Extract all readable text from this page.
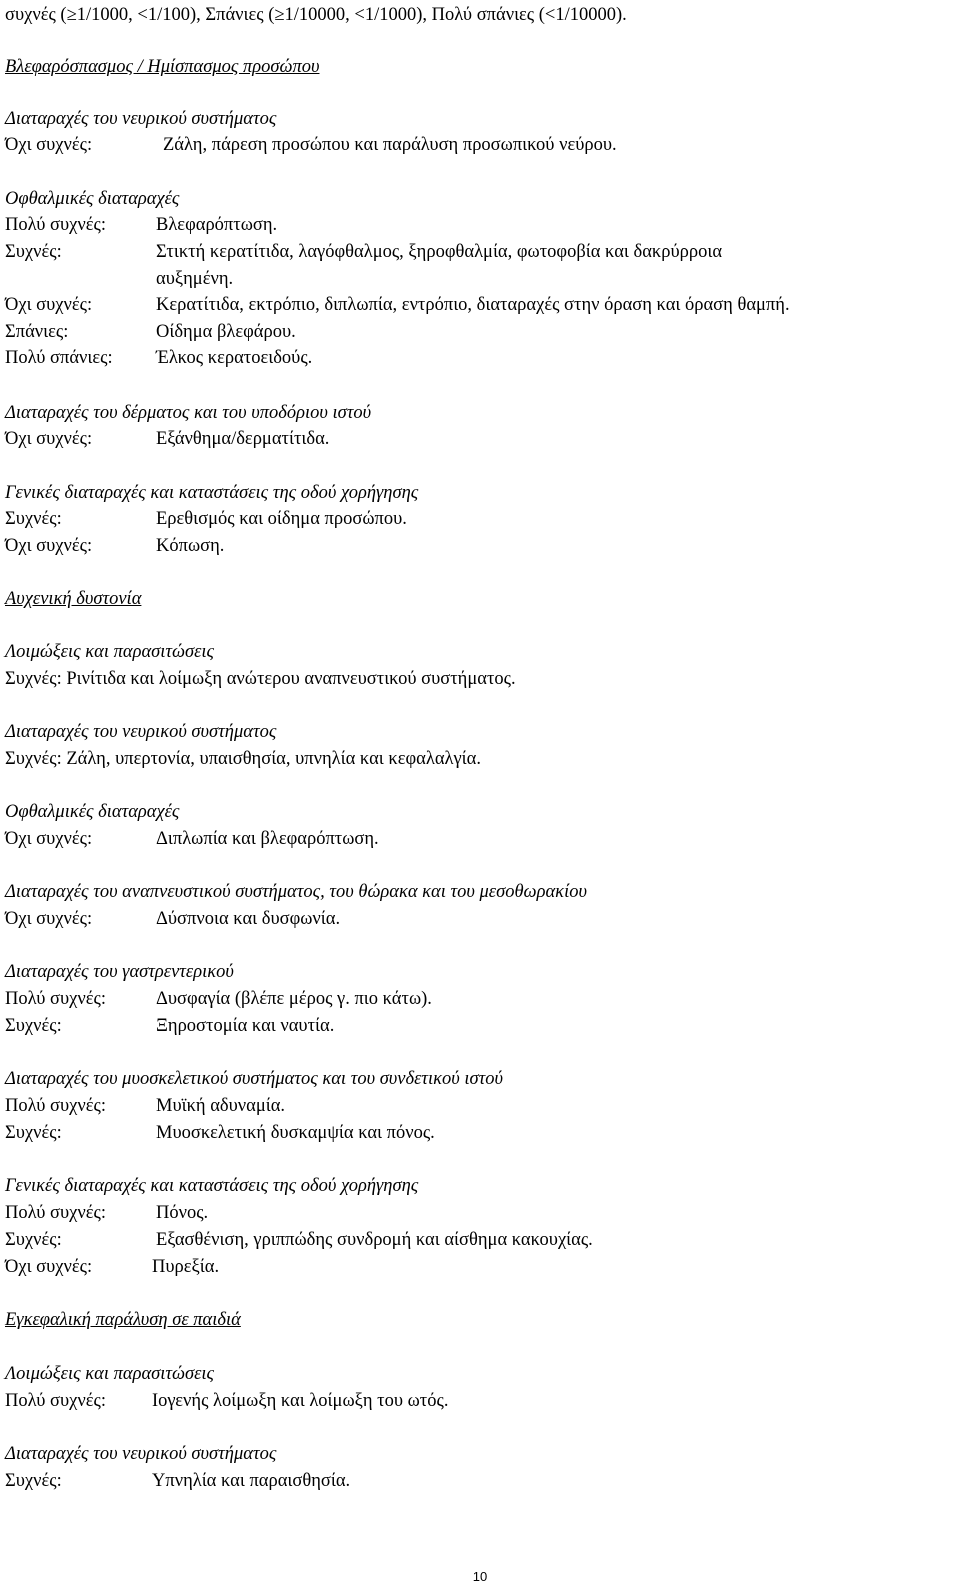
συχνές (≥1/1000, <1/100), Σπάνιες (≥1/10000, <1/1000), Πολύ σπάνιες (<1/10000).
Βλεφαρόσπασμος / Ημίσπασμος προσώπου
Διαταραχές του νευρικού συστήματος
Όχι συχνές:	Ζάλη, πάρεση προσώπου και παράλυση προσωπικού νεύρου.
Οφθαλμικές διαταραχές
Πολύ συχνές:	Βλεφαρόπτωση.
Συχνές:	Στικτή κερατίτιδα, λαγόφθαλμος, ξηροφθαλμία, φωτοφοβία και δακρύρροια
αυξημένη.
Όχι συχνές:	Κερατίτιδα, εκτρόπιο, διπλωπία, εντρόπιο, διαταραχές στην όραση και όραση θαμπή.
Σπάνιες:	Οίδημα βλεφάρου.
Πολύ σπάνιες: Έλκος κερατοειδούς.
Διαταραχές του δέρματος και του υποδόριου ιστού
Όχι συχνές:	Εξάνθημα/δερματίτιδα.
Γενικές διαταραχές και καταστάσεις της οδού χορήγησης
Συχνές:	Ερεθισμός και οίδημα προσώπου.
Όχι συχνές:	Κόπωση.
Αυχενική δυστονία
Λοιμώξεις και παρασιτώσεις
Συχνές: Ρινίτιδα και λοίμωξη ανώτερου αναπνευστικού συστήματος.
Διαταραχές του νευρικού συστήματος
Συχνές: Ζάλη, υπερτονία, υπαισθησία, υπνηλία και κεφαλαλγία.
Οφθαλμικές διαταραχές
Όχι συχνές:	Διπλωπία και βλεφαρόπτωση.
Διαταραχές του αναπνευστικού συστήματος, του θώρακα και του μεσοθωρακίου
Όχι συχνές:	Δύσπνοια και δυσφωνία.
Διαταραχές του γαστρεντερικού
Πολύ συχνές:	Δυσφαγία (βλέπε μέρος γ. πιο κάτω).
Συχνές:	Ξηροστομία και ναυτία.
Διαταραχές του μυοσκελετικού συστήματος και του συνδετικού ιστού
Πολύ συχνές:	Μυϊκή αδυναμία.
Συχνές:	Μυοσκελετική δυσκαμψία και πόνος.
Γενικές διαταραχές και καταστάσεις της οδού χορήγησης
Πολύ συχνές:	Πόνος.
Συχνές:	Εξασθένιση, γριππώδης συνδρομή και αίσθημα κακουχίας.
Όχι συχνές:	Πυρεξία.
Εγκεφαλική παράλυση σε παιδιά
Λοιμώξεις και παρασιτώσεις
Πολύ συχνές: Ιογενής λοίμωξη και λοίμωξη του ωτός.
Διαταραχές του νευρικού συστήματος
Συχνές:	Υπνηλία και παραισθησία.
10
